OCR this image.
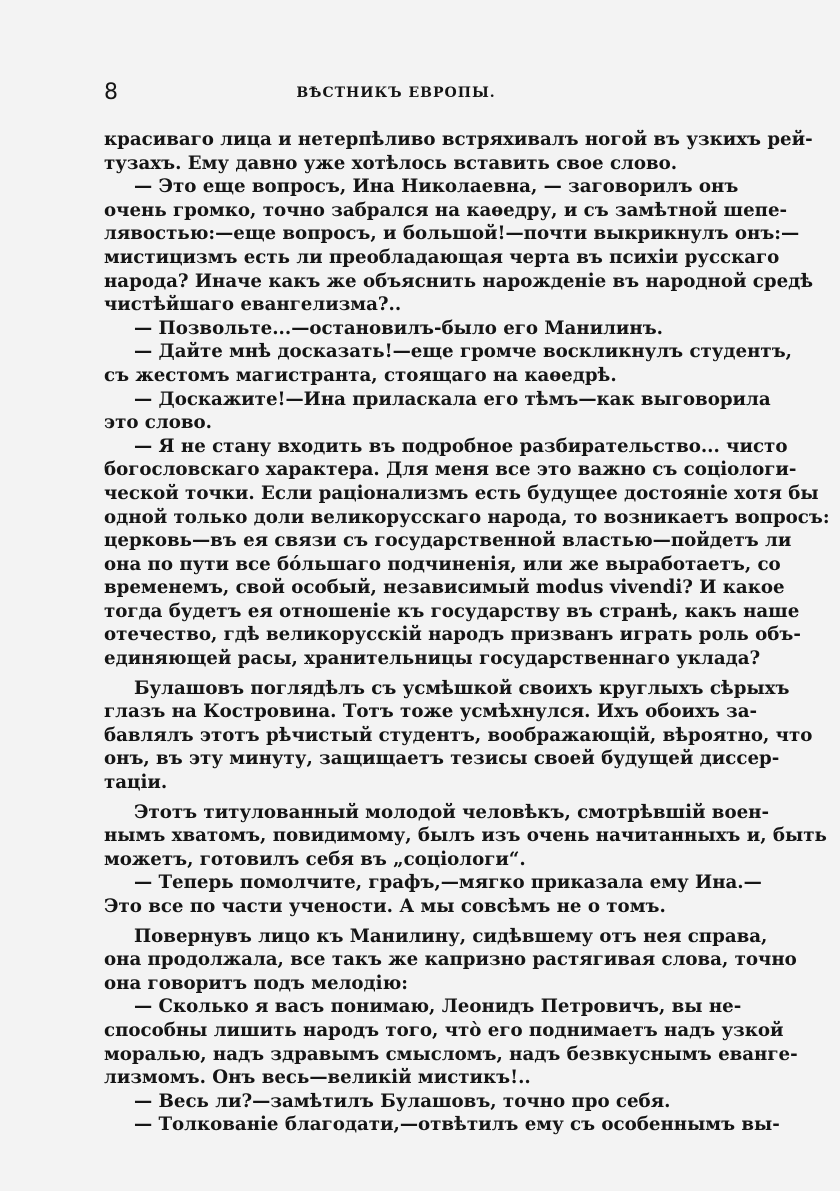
8	ВѢСТНИКЪ ЕВРОПЫ.
красиваго лица и нетерпѣливо встряхивалъ ногой въ узкихъ рей-
тузахъ. Ему давно уже хотѣлось вставить свое слово.
— Это еще вопросъ, Ина Николаевна, — заговорилъ онъ
очень громко, точно забрался на каѳедру, и съ замѣтной шепе-
лявостью:—еще вопросъ, и большой!—почти выкрикнулъ онъ:—
мистицизмъ есть ли преобладающая черта въ психіи русскаго
народа? Иначе какъ же объяснить нарожденіе въ народной средѣ
чистѣйшаго евангелизма?..
— Позвольте...—остановилъ-было его Манилинъ.
— Дайте мнѣ досказать!—еще громче воскликнулъ студентъ,
съ жестомъ магистранта, стоящаго на каѳедрѣ.
— Доскажите!—Ина приласкала его тѣмъ—как выговорила
это слово.
— Я не стану входить въ подробное разбирательство... чисто
богословскаго характера. Для меня все это важно съ соціологи-
ческой точки. Если раціонализмъ есть будущее достояніе хотя бы
одной только доли великорусскаго народа, то возникаетъ вопросъ:
церковь—въ ея связи съ государственной властью—пойдетъ ли
она по пути все бóльшаго подчиненія, или же выработаетъ, со
временемъ, свой особый, независимый modus vivendi? И какое
тогда будетъ ея отношеніе къ государству въ странѣ, какъ наше
отечество, гдѣ великорусскій народъ призванъ играть роль объ-
единяющей расы, хранительницы государственнаго уклада?
Булашовъ поглядѣлъ съ усмѣшкой своихъ круглыхъ сѣрыхъ
глазъ на Костровина. Тотъ тоже усмѣхнулся. Ихъ обоихъ за-
бавлялъ этотъ рѣчистый студентъ, воображающій, вѣроятно, что
онъ, въ эту минуту, защищаетъ тезисы своей будущей диссер-
таціи.
Этотъ титулованный молодой человѣкъ, смотрѣвшій воен-
нымъ хватомъ, повидимому, былъ изъ очень начитанныхъ и, быть
можетъ, готовилъ себя въ „соціологи“.
— Теперь помолчите, графъ,—мягко приказала ему Ина.—
Это все по части учености. А мы совсѣмъ не о томъ.
Повернувъ лицо къ Манилину, сидѣвшему отъ нея справа,
она продолжала, все такъ же капризно растягивая слова, точно
она говоритъ подъ мелодію:
— Сколько я васъ понимаю, Леонидъ Петровичъ, вы не-
способны лишить народъ того, чтò его поднимаетъ надъ узкой
моралью, надъ здравымъ смысломъ, надъ безвкуснымъ еванге-
лизмомъ. Онъ весь—великій мистикъ!..
— Весь ли?—замѣтилъ Булашовъ, точно про себя.
— Толкованіе благодати,—отвѣтилъ ему съ особеннымъ вы-
